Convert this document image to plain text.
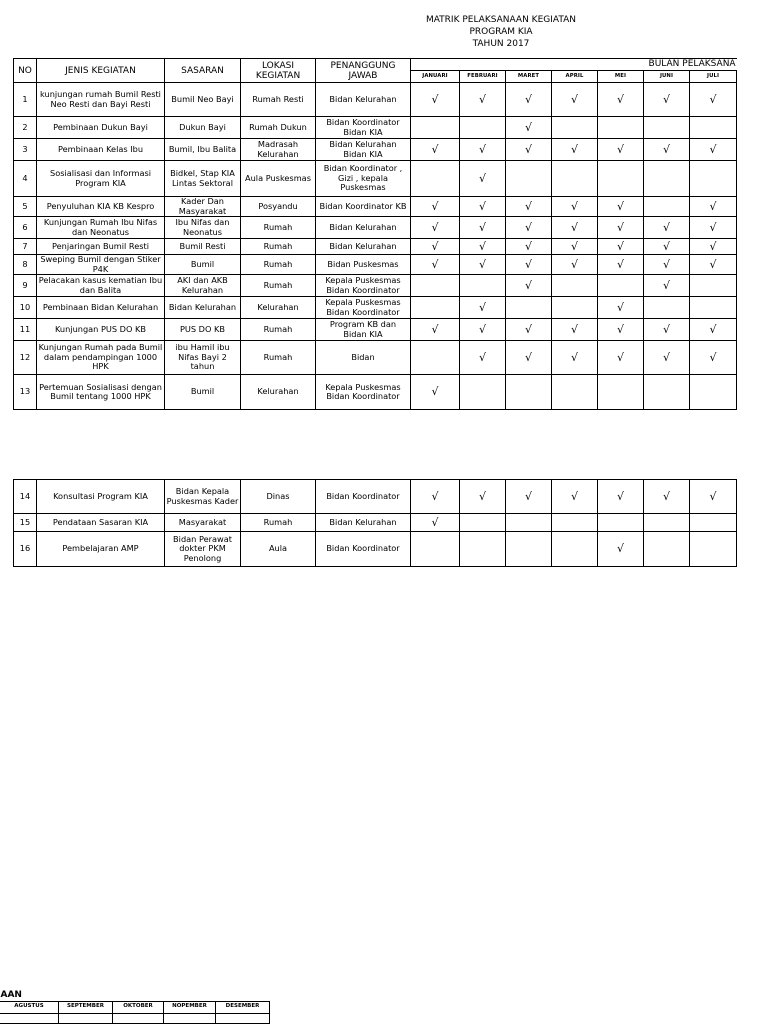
MATRIK PELAKSANAAN KEGIATAN
PROGRAM KIA
TAHUN 2017
NO	JENIS KEGIATAN	SASARAN	LOKASI KEGIATAN	PENANGGUNG JAWAB	BULAN PELAKSANA						
					JANUARI	FEBRUARI	MARET	APRIL	MEI	JUNI	JULI
1	kunjungan rumah Bumil Resti Neo Resti dan Bayi Resti	Bumil Neo Bayi	Rumah Resti	Bidan Kelurahan	√	√	√	√	√	√	√
2	Pembinaan Dukun Bayi	Dukun Bayi	Rumah Dukun	Bidan Koordinator Bidan KIA			√				
3	Pembinaan Kelas Ibu	Bumil, Ibu Balita	Madrasah Kelurahan	Bidan Kelurahan Bidan KIA	√	√	√	√	√	√	√
4	Sosialisasi dan Informasi Program KIA	Bidkel, Stap KIA Lintas Sektoral	Aula Puskesmas	Bidan Koordinator , Gizi , kepala Puskesmas		√					
5	Penyuluhan KIA KB Kespro	Kader Dan Masyarakat	Posyandu	Bidan Koordinator KB	√	√	√	√	√		√
6	Kunjungan Rumah Ibu Nifas dan Neonatus	Ibu Nifas dan Neonatus	Rumah	Bidan Kelurahan	√	√	√	√	√	√	√
7	Penjaringan Bumil Resti	Bumil Resti	Rumah	Bidan Kelurahan	√	√	√	√	√	√	√
8	Sweping Bumil dengan Stiker P4K	Bumil	Rumah	Bidan Puskesmas	√	√	√	√	√	√	√
9	Pelacakan kasus kematian Ibu dan Balita	AKI dan AKB Kelurahan	Rumah	Kepala Puskesmas Bidan Koordinator			√			√	
10	Pembinaan Bidan Kelurahan	Bidan Kelurahan	Kelurahan	Kepala Puskesmas Bidan Koordinator		√			√		
11	Kunjungan PUS DO KB	PUS DO KB	Rumah	Program KB dan Bidan KIA	√	√	√	√	√	√	√
12	Kunjungan Rumah pada Bumil dalam pendampingan 1000 HPK	ibu Hamil ibu Nifas Bayi 2 tahun	Rumah	Bidan		√	√	√	√	√	√
13	Pertemuan Sosialisasi dengan Bumil tentang 1000 HPK	Bumil	Kelurahan	Kepala Puskesmas Bidan Koordinator	√						
14	Konsultasi Program KIA	Bidan Kepala Puskesmas Kader	Dinas	Bidan Koordinator	√	√	√	√	√	√	√
15	Pendataan Sasaran KIA	Masyarakat	Rumah	Bidan Kelurahan	√						
16	Pembelajaran AMP	Bidan Perawat dokter PKM Penolong	Aula	Bidan Koordinator					√		
AAN				
AGUSTUS	SEPTEMBER	OKTOBER	NOPEMBER	DESEMBER
